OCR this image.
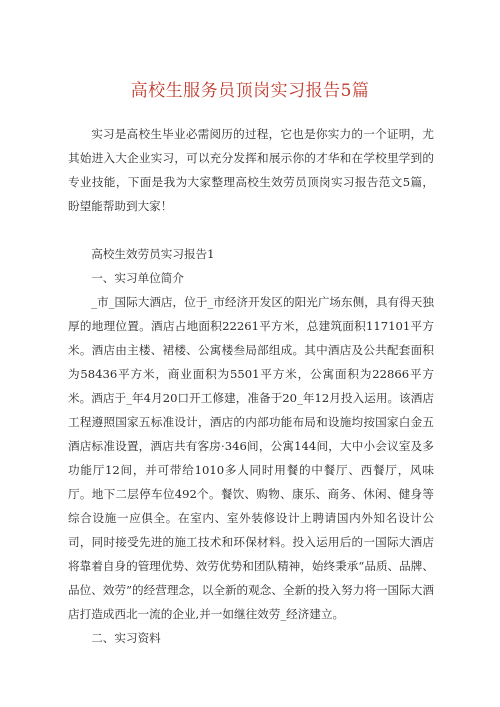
高校生服务员顶岗实习报告5篇

实习是高校生毕业必需阅历的过程，它也是你实力的一个证明，尤其始进入大企业实习，可以充分发挥和展示你的才华和在学校里学到的专业技能，下面是我为大家整理高校生效劳员顶岗实习报告范文5篇，盼望能帮助到大家！

高校生效劳员实习报告1

一、实习单位简介

_市_国际大酒店，位于_市经济开发区的阳光广场东侧，具有得天独厚的地理位置。酒店占地面积22261平方米，总建筑面积117101平方米。酒店由主楼、裙楼、公寓楼叁局部组成。其中酒店及公共配套面积为58436平方米，商业面积为5501平方米，公寓面积为22866平方米。酒店于_年4月20口开工修建，准备于20_年12月投入运用。该酒店工程遵照国家五标准设计，酒店的内部功能布局和设施均按国家白金五酒店标准设置，酒店共有客房·346间，公寓144间，大中小会议室及多功能厅12间，并可带给1010多人同时用餐的中餐厅、西餐厅，风味厅。地下二层停车位492个。餐饮、购物、康乐、商务、休闲、健身等综合设施一应俱全。在室内、室外装修设计上聘请国内外知名设计公司，同时接受先进的施工技术和环保材料。投入运用后的一国际大酒店将靠着自身的管理优势、效劳优势和团队精神，始终秉承“品质、品牌、品位、效劳”的经营理念，以全新的观念、全新的投入努力将一国际大酒店打造成西北一流的企业,并一如继往效劳_经济建立。

二、实习资料
